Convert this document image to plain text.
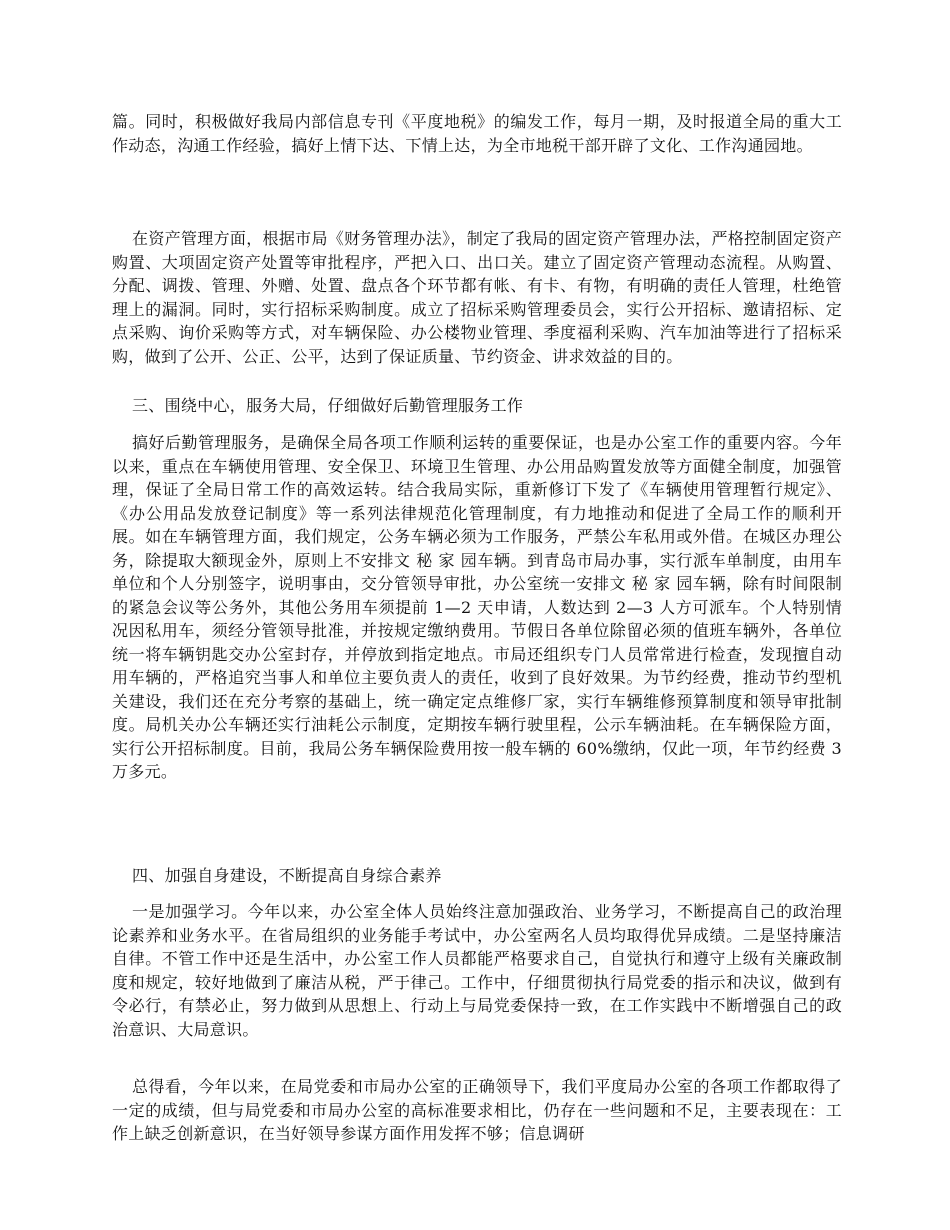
篇。同时，积极做好我局内部信息专刊《平度地税》的编发工作，每月一期，及时报道全局的重大工作动态，沟通工作经验，搞好上情下达、下情上达，为全市地税干部开辟了文化、工作沟通园地。

在资产管理方面，根据市局《财务管理办法》，制定了我局的固定资产管理办法，严格控制固定资产购置、大项固定资产处置等审批程序，严把入口、出口关。建立了固定资产管理动态流程。从购置、分配、调拨、管理、外赠、处置、盘点各个环节都有帐、有卡、有物，有明确的责任人管理，杜绝管理上的漏洞。同时，实行招标采购制度。成立了招标采购管理委员会，实行公开招标、邀请招标、定点采购、询价采购等方式，对车辆保险、办公楼物业管理、季度福利采购、汽车加油等进行了招标采购，做到了公开、公正、公平，达到了保证质量、节约资金、讲求效益的目的。

三、围绕中心，服务大局，仔细做好后勤管理服务工作

搞好后勤管理服务，是确保全局各项工作顺利运转的重要保证，也是办公室工作的重要内容。今年以来，重点在车辆使用管理、安全保卫、环境卫生管理、办公用品购置发放等方面健全制度，加强管理，保证了全局日常工作的高效运转。结合我局实际，重新修订下发了《车辆使用管理暂行规定》、《办公用品发放登记制度》等一系列法律规范化管理制度，有力地推动和促进了全局工作的顺利开展。如在车辆管理方面，我们规定，公务车辆必须为工作服务，严禁公车私用或外借。在城区办理公务，除提取大额现金外，原则上不安排文 秘 家 园车辆。到青岛市局办事，实行派车单制度，由用车单位和个人分别签字，说明事由，交分管领导审批，办公室统一安排文 秘 家 园车辆，除有时间限制的紧急会议等公务外，其他公务用车须提前 1—2 天申请，人数达到 2—3 人方可派车。个人特别情况因私用车，须经分管领导批准，并按规定缴纳费用。节假日各单位除留必须的值班车辆外，各单位统一将车辆钥匙交办公室封存，并停放到指定地点。市局还组织专门人员常常进行检查，发现擅自动用车辆的，严格追究当事人和单位主要负责人的责任，收到了良好效果。为节约经费，推动节约型机关建设，我们还在充分考察的基础上，统一确定定点维修厂家，实行车辆维修预算制度和领导审批制度。局机关办公车辆还实行油耗公示制度，定期按车辆行驶里程，公示车辆油耗。在车辆保险方面，实行公开招标制度。目前，我局公务车辆保险费用按一般车辆的 60%缴纳，仅此一项，年节约经费 3 万多元。

四、加强自身建设，不断提高自身综合素养

一是加强学习。今年以来，办公室全体人员始终注意加强政治、业务学习，不断提高自己的政治理论素养和业务水平。在省局组织的业务能手考试中，办公室两名人员均取得优异成绩。二是坚持廉洁自律。不管工作中还是生活中，办公室工作人员都能严格要求自己，自觉执行和遵守上级有关廉政制度和规定，较好地做到了廉洁从税，严于律己。工作中，仔细贯彻执行局党委的指示和决议，做到有令必行，有禁必止，努力做到从思想上、行动上与局党委保持一致，在工作实践中不断增强自己的政治意识、大局意识。

总得看，今年以来，在局党委和市局办公室的正确领导下，我们平度局办公室的各项工作都取得了一定的成绩，但与局党委和市局办公室的高标准要求相比，仍存在一些问题和不足，主要表现在：工作上缺乏创新意识，在当好领导参谋方面作用发挥不够；信息调研
